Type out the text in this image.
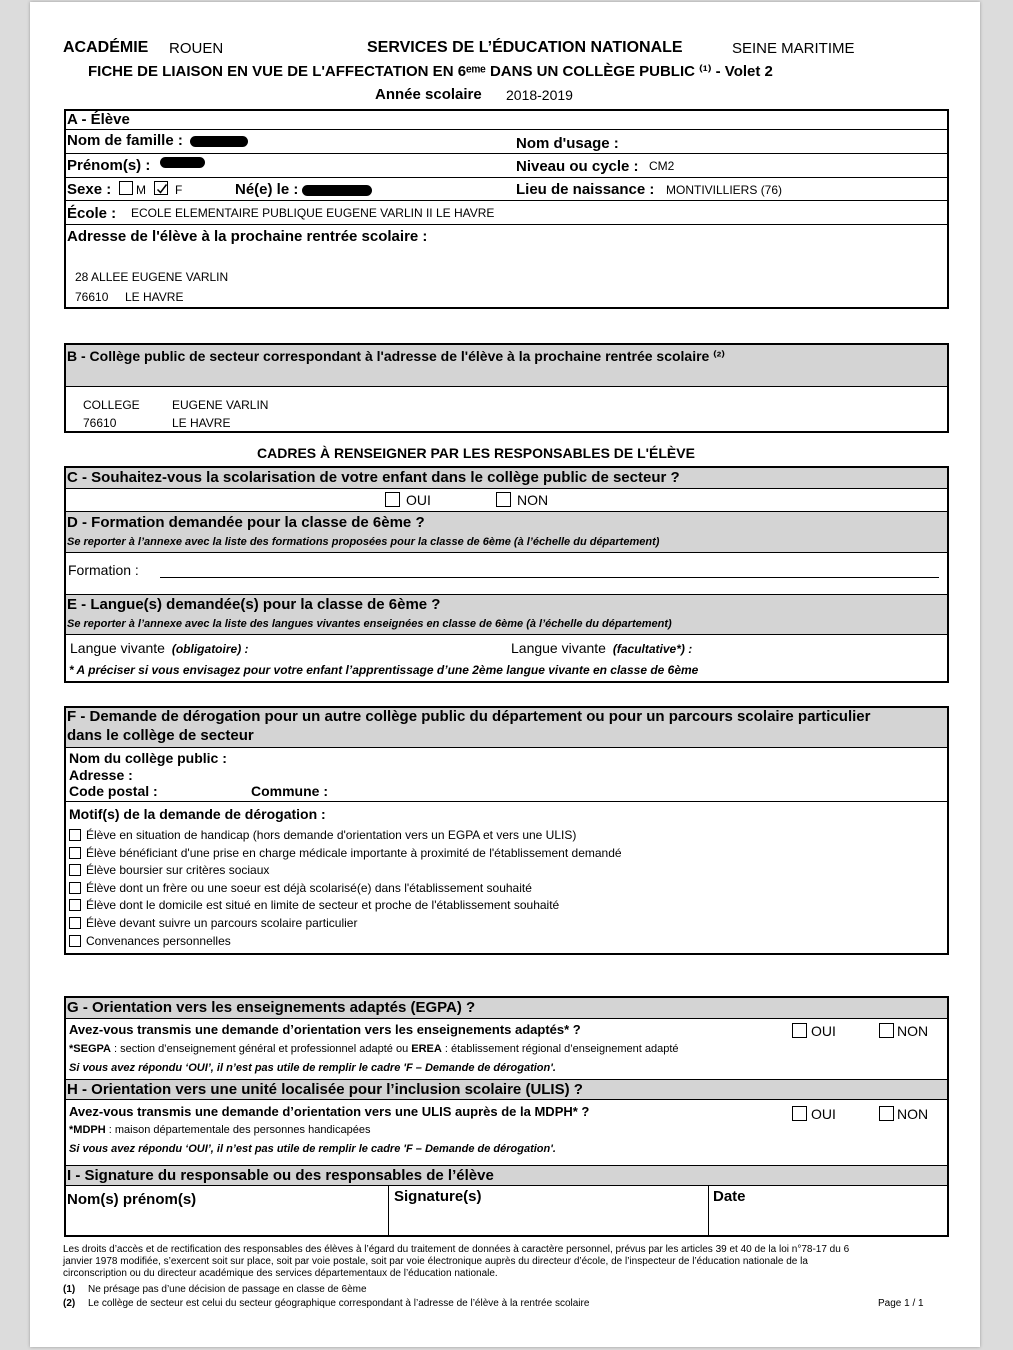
ACADÉMIE ROUEN	SERVICES DE L’ÉDUCATION NATIONALE	SEINE MARITIME
FICHE DE LIAISON EN VUE DE L'AFFECTATION EN 6ᵉᵐᵉ DANS UN COLLÈGE PUBLIC ⁽¹⁾ - Volet 2
Année scolaire 2018-2019
A - Élève
Nom de famille :	Nom d'usage :
Prénom(s) :	Niveau ou cycle : CM2
Sexe : M F	Né(e) le :	Lieu de naissance : MONTIVILLIERS (76)
École : ECOLE ELEMENTAIRE PUBLIQUE EUGENE VARLIN II LE HAVRE
Adresse de l'élève à la prochaine rentrée scolaire :
28 ALLEE EUGENE VARLIN
76610 LE HAVRE
B - Collège public de secteur correspondant à l'adresse de l'élève à la prochaine rentrée scolaire ⁽²⁾
COLLEGE	EUGENE VARLIN
76610	LE HAVRE
CADRES À RENSEIGNER PAR LES RESPONSABLES DE L'ÉLÈVE
C - Souhaitez-vous la scolarisation de votre enfant dans le collège public de secteur ?
OUI	NON
D - Formation demandée pour la classe de 6ème ?
Se reporter à l’annexe avec la liste des formations proposées pour la classe de 6ème (à l’échelle du département)
Formation :
E - Langue(s) demandée(s) pour la classe de 6ème ?
Se reporter à l’annexe avec la liste des langues vivantes enseignées en classe de 6ème (à l’échelle du département)
Langue vivante (obligatoire) :	Langue vivante (facultative*) :
* A préciser si vous envisagez pour votre enfant l’apprentissage d’une 2ème langue vivante en classe de 6ème
F - Demande de dérogation pour un autre collège public du département ou pour un parcours scolaire particulier
dans le collège de secteur
Nom du collège public :
Adresse :
Code postal :	Commune :
Motif(s) de la demande de dérogation :
Élève en situation de handicap (hors demande d'orientation vers un EGPA et vers une ULIS)
Élève bénéficiant d'une prise en charge médicale importante à proximité de l'établissement demandé
Élève boursier sur critères sociaux
Élève dont un frère ou une soeur est déjà scolarisé(e) dans l'établissement souhaité
Élève dont le domicile est situé en limite de secteur et proche de l'établissement souhaité
Élève devant suivre un parcours scolaire particulier
Convenances personnelles
G - Orientation vers les enseignements adaptés (EGPA) ?
Avez-vous transmis une demande d’orientation vers les enseignements adaptés* ?	OUI	NON
*SEGPA : section d’enseignement général et professionnel adapté ou EREA : établissement régional d’enseignement adapté
Si vous avez répondu ‘OUI’, il n’est pas utile de remplir le cadre 'F – Demande de dérogation'.
H - Orientation vers une unité localisée pour l’inclusion scolaire (ULIS) ?
Avez-vous transmis une demande d’orientation vers une ULIS auprès de la MDPH* ?	OUI	NON
*MDPH : maison départementale des personnes handicapées
Si vous avez répondu ‘OUI’, il n’est pas utile de remplir le cadre 'F – Demande de dérogation'.
I - Signature du responsable ou des responsables de l’élève
Nom(s) prénom(s)	Signature(s)	Date
Les droits d’accès et de rectification des responsables des élèves à l’égard du traitement de données à caractère personnel, prévus par les articles 39 et 40 de la loi n°78-17 du 6
janvier 1978 modifiée, s’exercent soit sur place, soit par voie postale, soit par voie électronique auprès du directeur d’école, de l’inspecteur de l’éducation nationale de la
circonscription ou du directeur académique des services départementaux de l’éducation nationale.
(1) Ne présage pas d’une décision de passage en classe de 6ème
(2) Le collège de secteur est celui du secteur géographique correspondant à l’adresse de l’élève à la rentrée scolaire	Page 1 / 1
